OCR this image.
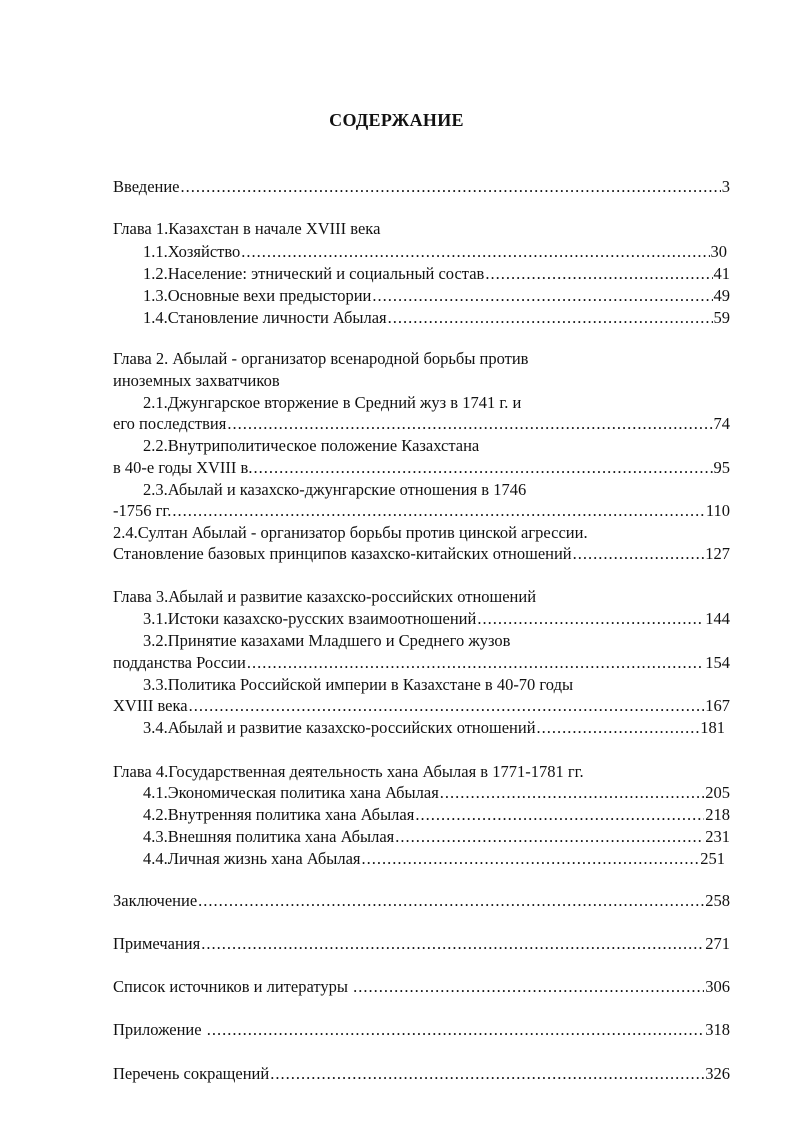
СОДЕРЖАНИЕ
Введение .....	3
Глава 1.Казахстан в начале XVIII века
1.1.Хозяйство .....	30
1.2.Население: этнический и социальный состав .....	41
1.3.Основные вехи предыстории .....	49
1.4.Становление личности Абылая .....	59
Глава 2. Абылай - организатор всенародной борьбы против
иноземных захватчиков
2.1.Джунгарское вторжение в Средний жуз в 1741 г. и
его последствия .....	74
2.2.Внутриполитическое положение Казахстана
в 40-е годы XVIII в. .....	95
2.3.Абылай и казахско-джунгарские отношения в 1746
-1756 гг. .....	110
2.4.Султан Абылай - организатор борьбы против цинской агрессии.
Становление базовых принципов казахско-китайских отношений .....	127
Глава 3.Абылай и развитие казахско-российских отношений
3.1.Истоки казахско-русских взаимоотношений .....	144
3.2.Принятие казахами Младшего и Среднего жузов
подданства России .....	154
3.3.Политика Российской империи в Казахстане в 40-70 годы
XVIII века .....	167
3.4.Абылай и развитие казахско-российских отношений .....	181
Глава 4.Государственная деятельность хана Абылая в 1771-1781 гг.
4.1.Экономическая политика хана Абылая .....	205
4.2.Внутренняя политика хана Абылая .....	218
4.3.Внешняя политика хана Абылая .....	231
4.4.Личная жизнь хана Абылая .....	251
Заключение .....	258
Примечания .....	271
Список источников и литературы .....	306
Приложение .....	318
Перечень сокращений .....	326
